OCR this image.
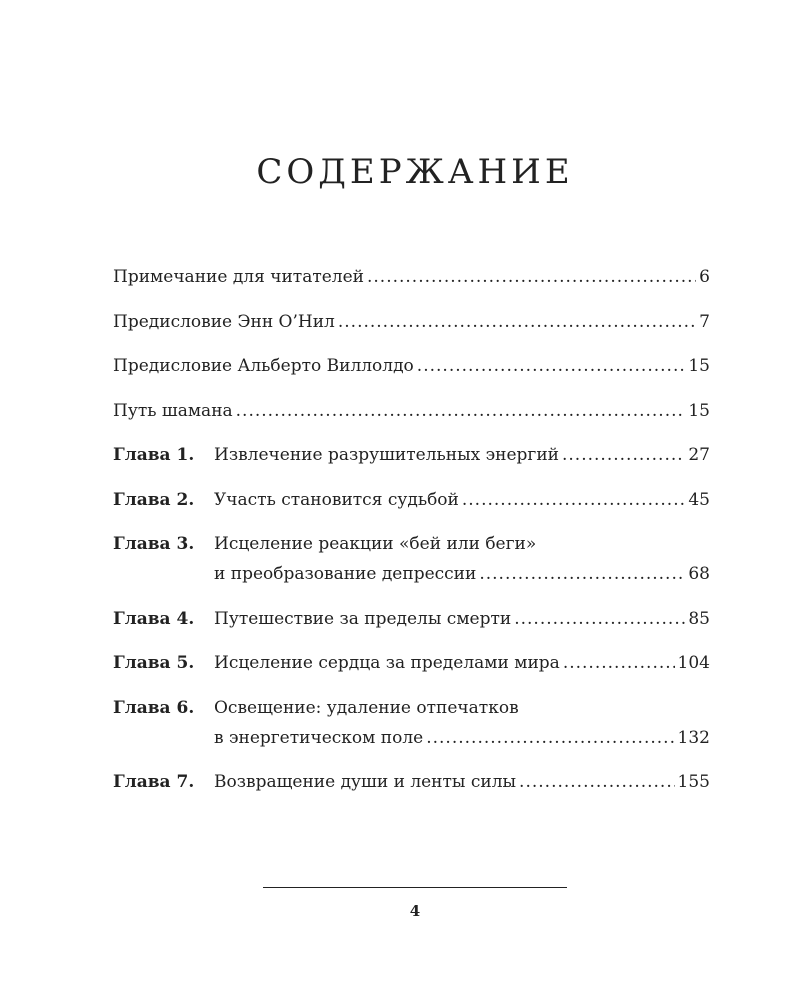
СОДЕРЖАНИЕ
Примечание для читателей .....	6
Предисловие Энн О’Нил .....	7
Предисловие Альберто Виллолдо .....	15
Путь шамана .....	15
Глава 1.	Извлечение разрушительных энергий .....	27
Глава 2.	Участь становится судьбой .....	45
Глава 3.	Исцеление реакции «бей или беги»
и преобразование депрессии .....	68
Глава 4.	Путешествие за пределы смерти .....	85
Глава 5.	Исцеление сердца за пределами мира .....	104
Глава 6.	Освещение: удаление отпечатков
в энергетическом поле .....	132
Глава 7.	Возвращение души и ленты силы .....	155
4
